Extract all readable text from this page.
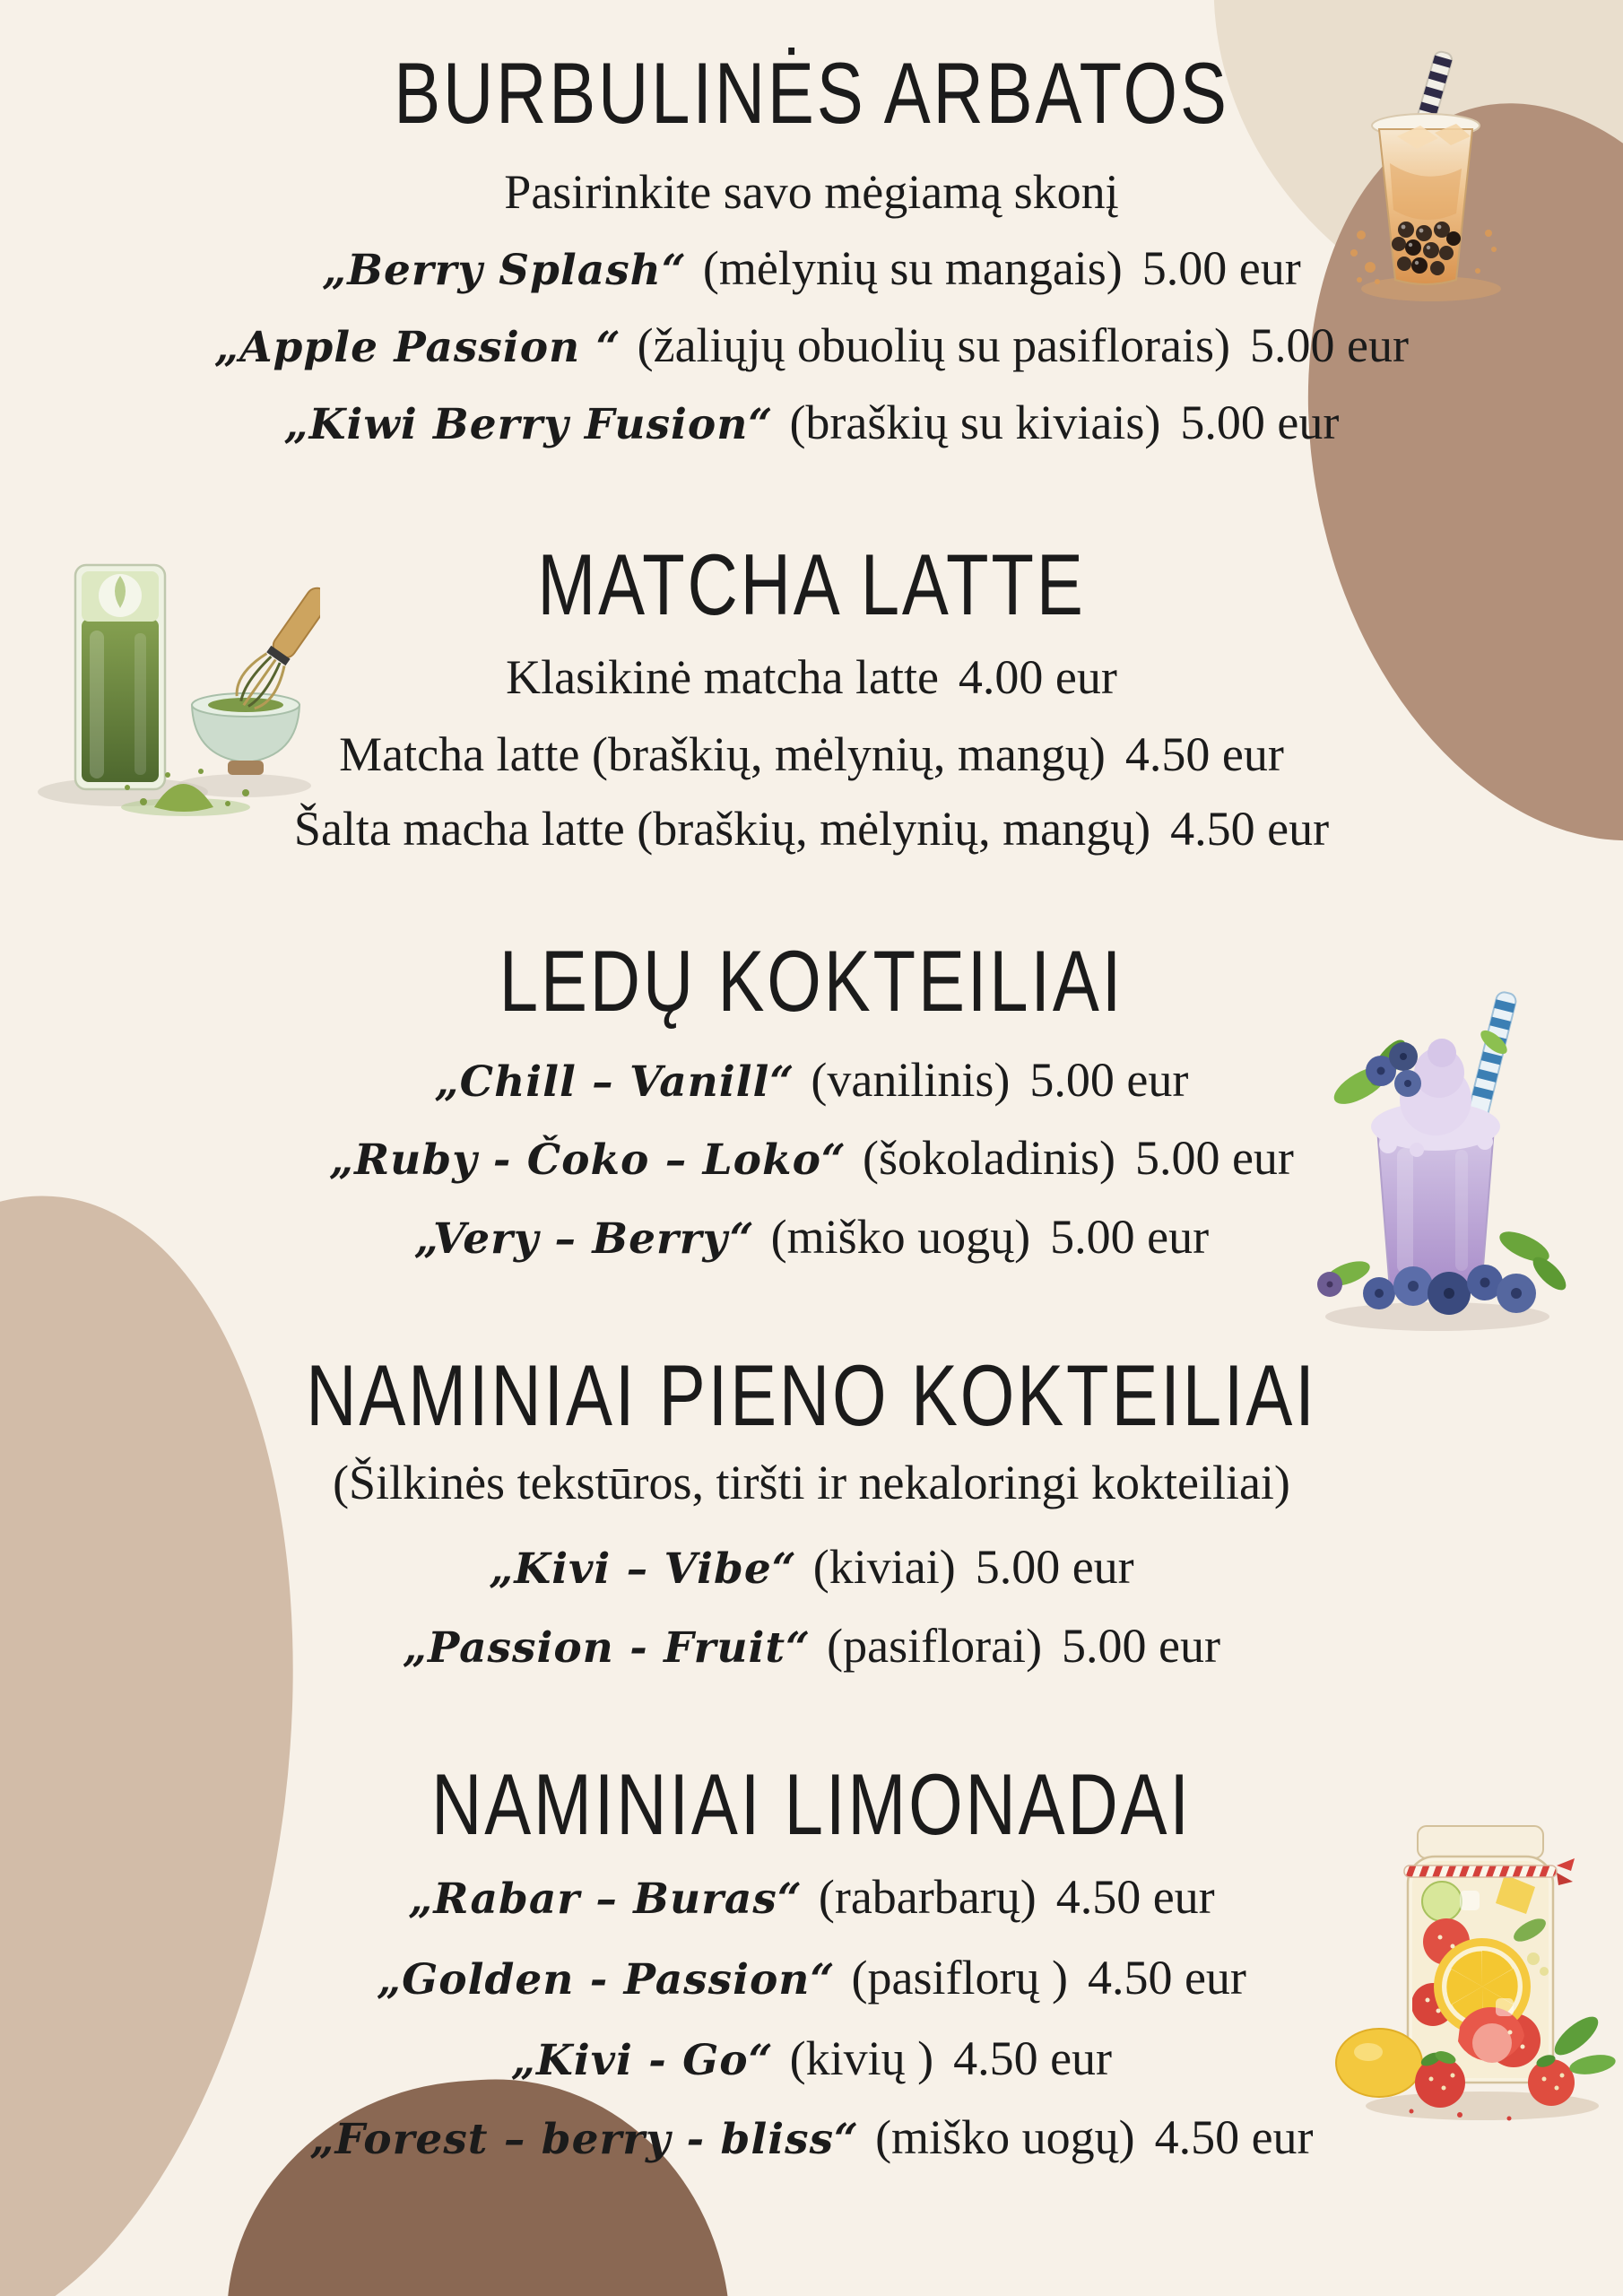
BURBULINĖS ARBATOS
Pasirinkite savo mėgiamą skonį
„Berry Splash“ (mėlynių su mangais) 5.00 eur
„Apple Passion “ (žaliųjų obuolių su pasiflorais) 5.00 eur
„Kiwi Berry Fusion“ (braškių su kiviais) 5.00 eur
MATCHA LATTE
Klasikinė matcha latte 4.00 eur
Matcha latte (braškių, mėlynių, mangų) 4.50 eur
Šalta macha latte (braškių, mėlynių, mangų) 4.50 eur
LEDŲ KOKTEILIAI
„Chill – Vanill“ (vanilinis) 5.00 eur
„Ruby - Čoko – Loko“ (šokoladinis) 5.00 eur
„Very – Berry“ (miško uogų) 5.00 eur
NAMINIAI PIENO KOKTEILIAI
(Šilkinės tekstūros, tiršti ir nekaloringi kokteiliai)
„Kivi – Vibe“ (kiviai) 5.00 eur
„Passion - Fruit“ (pasiflorai) 5.00 eur
NAMINIAI LIMONADAI
„Rabar – Buras“ (rabarbarų) 4.50 eur
„Golden - Passion“ (pasiflorų ) 4.50 eur
„Kivi - Go“ (kivių ) 4.50 eur
„Forest – berry - bliss“ (miško uogų) 4.50 eur
